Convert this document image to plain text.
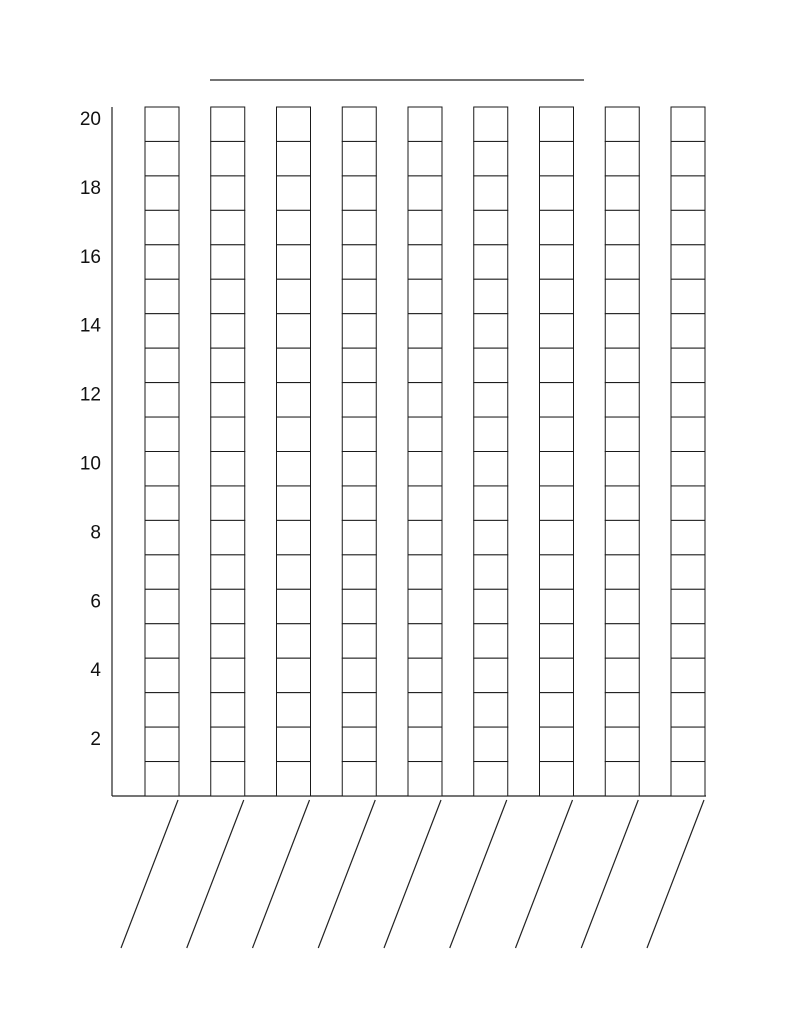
2
4
6
8
10
12
14
16
18
20
